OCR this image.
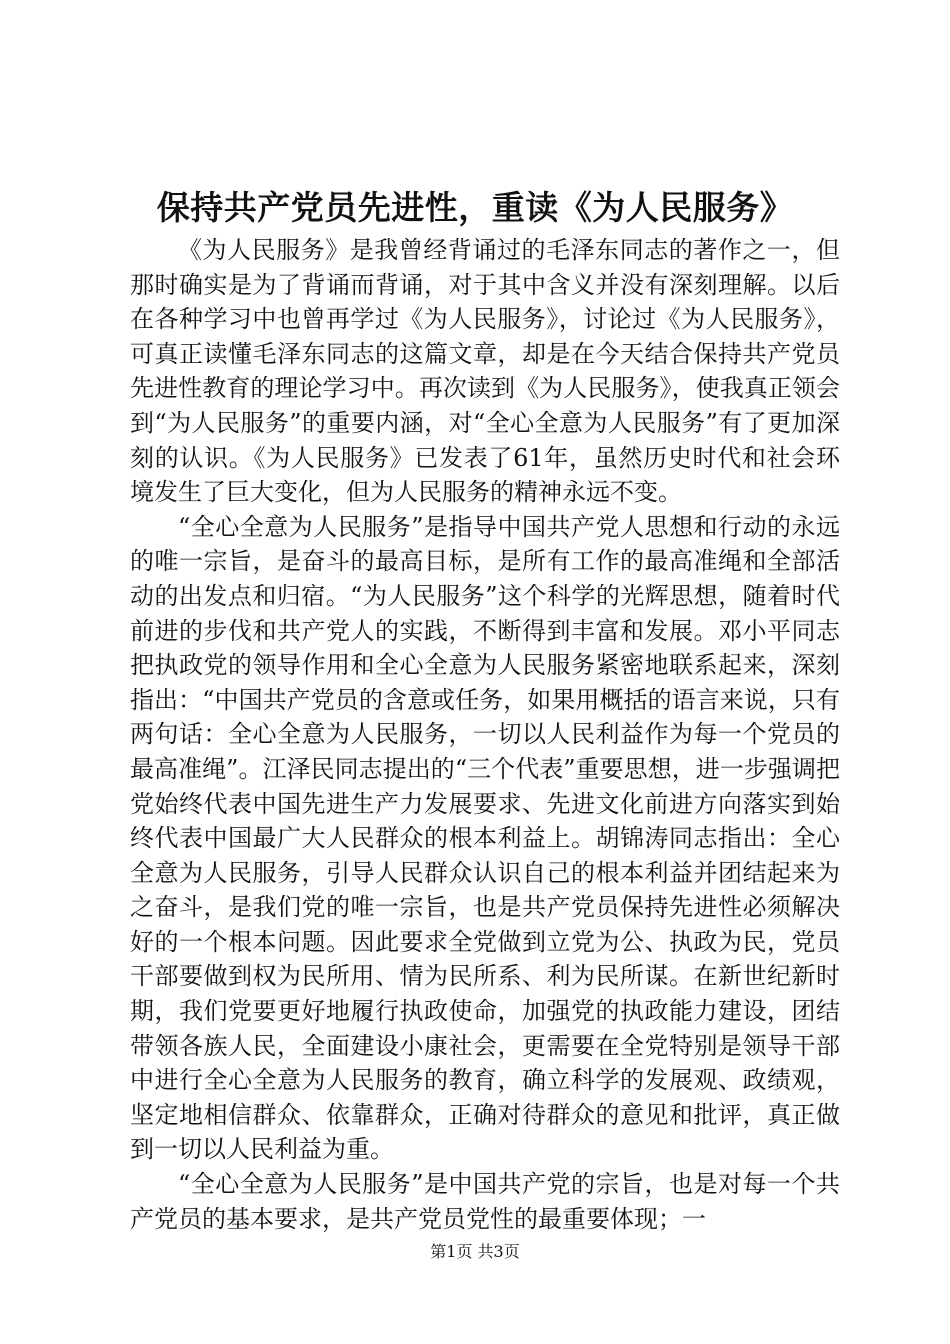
保持共产党员先进性，重读《为人民服务》

《为人民服务》是我曾经背诵过的毛泽东同志的著作之一，但那时确实是为了背诵而背诵，对于其中含义并没有深刻理解。以后在各种学习中也曾再学过《为人民服务》，讨论过《为人民服务》，可真正读懂毛泽东同志的这篇文章，却是在今天结合保持共产党员先进性教育的理论学习中。再次读到《为人民服务》，使我真正领会到“为人民服务”的重要内涵，对“全心全意为人民服务”有了更加深刻的认识。《为人民服务》已发表了61年，虽然历史时代和社会环境发生了巨大变化，但为人民服务的精神永远不变。

“全心全意为人民服务”是指导中国共产党人思想和行动的永远的唯一宗旨，是奋斗的最高目标，是所有工作的最高准绳和全部活动的出发点和归宿。“为人民服务”这个科学的光辉思想，随着时代前进的步伐和共产党人的实践，不断得到丰富和发展。邓小平同志把执政党的领导作用和全心全意为人民服务紧密地联系起来，深刻指出：“中国共产党员的含意或任务，如果用概括的语言来说，只有两句话：全心全意为人民服务，一切以人民利益作为每一个党员的最高准绳”。江泽民同志提出的“三个代表”重要思想，进一步强调把党始终代表中国先进生产力发展要求、先进文化前进方向落实到始终代表中国最广大人民群众的根本利益上。胡锦涛同志指出：全心全意为人民服务，引导人民群众认识自己的根本利益并团结起来为之奋斗，是我们党的唯一宗旨，也是共产党员保持先进性必须解决好的一个根本问题。因此要求全党做到立党为公、执政为民，党员干部要做到权为民所用、情为民所系、利为民所谋。在新世纪新时期，我们党要更好地履行执政使命，加强党的执政能力建设，团结带领各族人民，全面建设小康社会，更需要在全党特别是领导干部中进行全心全意为人民服务的教育，确立科学的发展观、政绩观，坚定地相信群众、依靠群众，正确对待群众的意见和批评，真正做到一切以人民利益为重。

“全心全意为人民服务”是中国共产党的宗旨，也是对每一个共产党员的基本要求，是共产党员党性的最重要体现；一

第1页 共3页
